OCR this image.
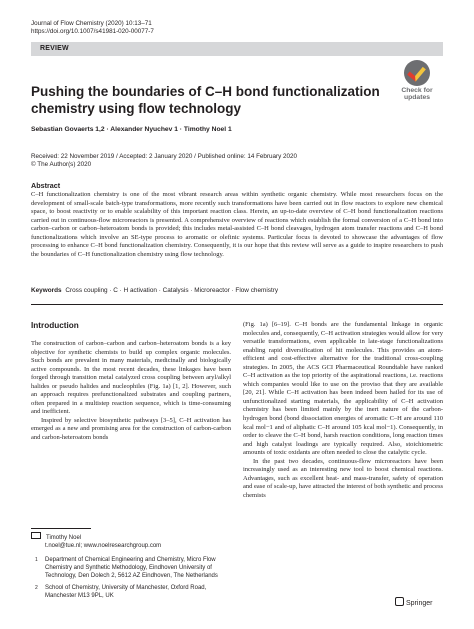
Journal of Flow Chemistry (2020) 10:13–71
https://doi.org/10.1007/s41981-020-00077-7
REVIEW
Check for
updates
Pushing the boundaries of C–H bond functionalization chemistry using flow technology
Sebastian Govaerts 1,2 · Alexander Nyuchev 1 · Timothy Noel 1
Received: 22 November 2019 / Accepted: 2 January 2020 / Published online: 14 February 2020
© The Author(s) 2020
Abstract
C–H functionalization chemistry is one of the most vibrant research areas within synthetic organic chemistry. While most researchers focus on the development of small-scale batch-type transformations, more recently such transformations have been carried out in flow reactors to explore new chemical space, to boost reactivity or to enable scalability of this important reaction class. Herein, an up-to-date overview of C–H bond functionalization reactions carried out in continuous-flow microreactors is presented. A comprehensive overview of reactions which establish the formal conversion of a C–H bond into carbon–carbon or carbon–heteroatom bonds is provided; this includes metal-assisted C–H bond cleavages, hydrogen atom transfer reactions and C–H bond functionalizations which involve an SE-type process to aromatic or olefinic systems. Particular focus is devoted to showcase the advantages of flow processing to enhance C–H bond functionalization chemistry. Consequently, it is our hope that this review will serve as a guide to inspire researchers to push the boundaries of C–H functionalization chemistry using flow technology.
Keywords Cross coupling · C · H activation · Catalysis · Microreactor · Flow chemistry
Introduction

The construction of carbon–carbon and carbon–heteroatom bonds is a key objective for synthetic chemists to build up complex organic molecules. Such bonds are prevalent in many materials, medicinally and biologically active compounds. In the most recent decades, these linkages have been forged through transition metal catalyzed cross coupling between aryl/alkyl halides or pseudo halides and nucleophiles (Fig. 1a) [1, 2]. However, such an approach requires prefunctionalized substrates and coupling partners, often prepared in a multistep reaction sequence, which is time-consuming and inefficient.

Inspired by selective biosynthetic pathways [3–5], C–H activation has emerged as a new and promising area for the construction of carbon-carbon and carbon-heteroatom bonds

(Fig. 1a) [6–19]. C–H bonds are the fundamental linkage in organic molecules and, consequently, C–H activation strategies would allow for very versatile transformations, even applicable in late-stage functionalizations enabling rapid diversification of hit molecules. This provides an atom-efficient and cost-effective alternative for the traditional cross-coupling strategies. In 2005, the ACS GCI Pharmaceutical Roundtable have ranked C–H activation as the top priority of the aspirational reactions, i.e. reactions which companies would like to use on the proviso that they are available [20, 21]. While C–H activation has been indeed been hailed for its use of unfunctionalized starting materials, the applicability of C–H activation chemistry has been limited mainly by the inert nature of the carbon-hydrogen bond (bond dissociation energies of aromatic C–H are around 110 kcal mol−1 and of aliphatic C–H around 105 kcal mol−1). Consequently, in order to cleave the C–H bond, harsh reaction conditions, long reaction times and high catalyst loadings are typically required. Also, stoichiometric amounts of toxic oxidants are often needed to close the catalytic cycle.

In the past two decades, continuous-flow microreactors have been increasingly used as an interesting new tool to boost chemical reactions. Advantages, such as excellent heat- and mass-transfer, safety of operation and ease of scale-up, have attracted the interest of both synthetic and process chemists

Timothy Noel
t.noel@tue.nl; www.noelresearchgroup.com
1 Department of Chemical Engineering and Chemistry, Micro Flow Chemistry and Synthetic Methodology, Eindhoven University of Technology, Den Dolech 2, 5612 AZ Eindhoven, The Netherlands
2 School of Chemistry, University of Manchester, Oxford Road, Manchester M13 9PL, UK
Springer
